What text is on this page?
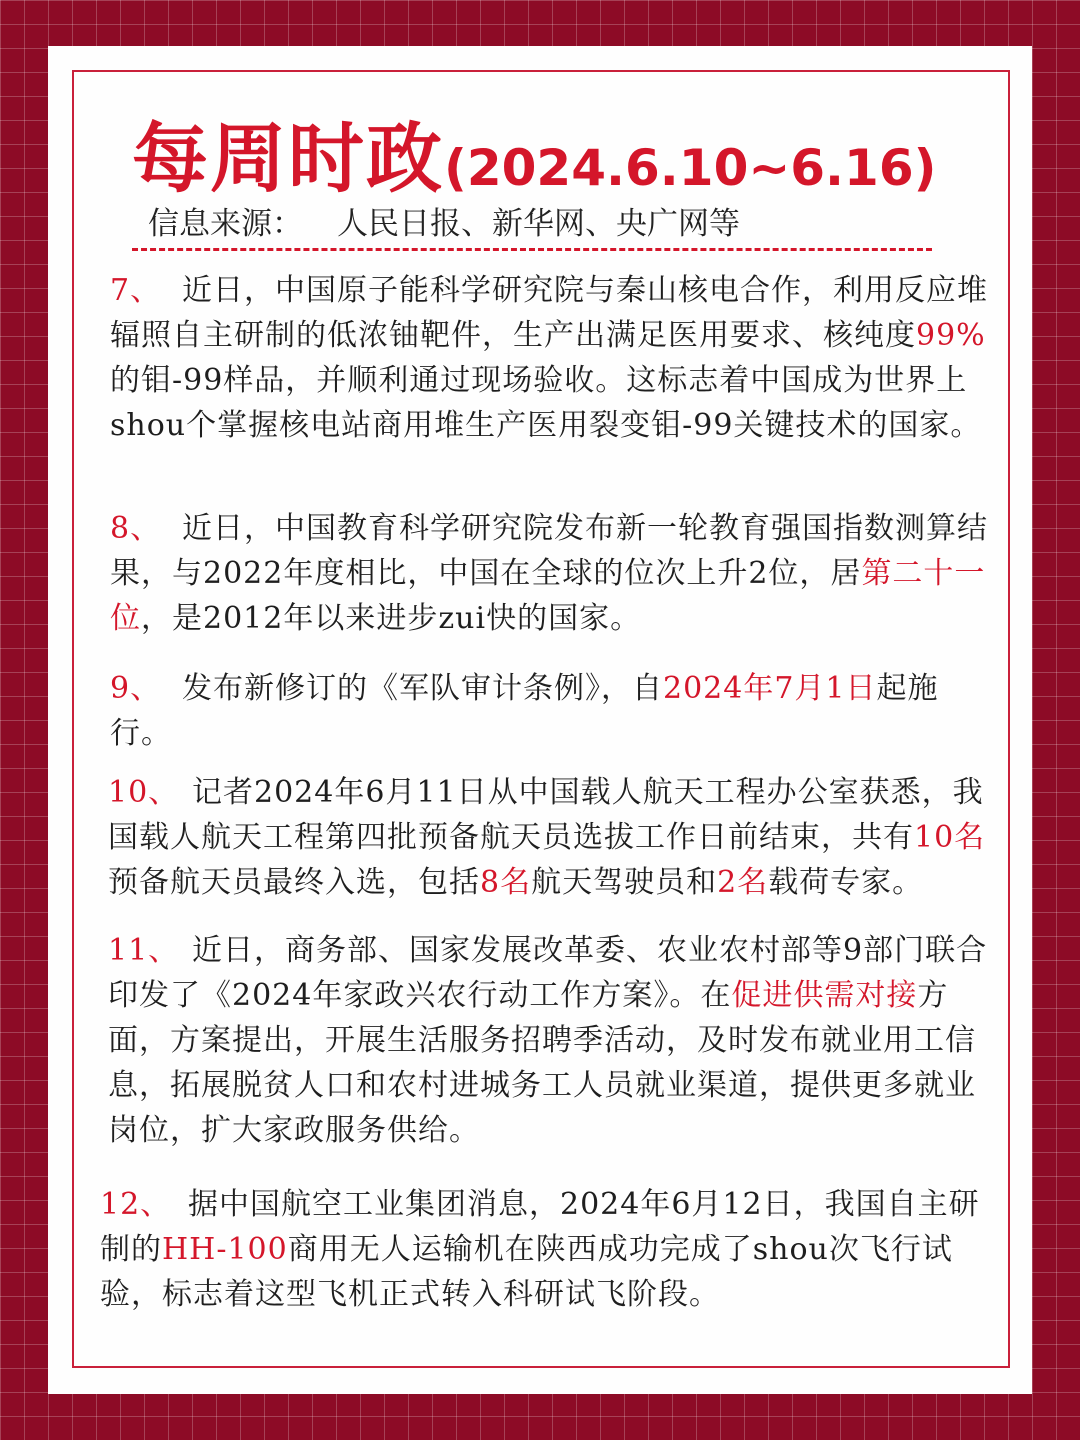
每周时政(2024.6.10~6.16)
信息来源： 人民日报、新华网、央广网等
7、 近日，中国原子能科学研究院与秦山核电合作，利用反应堆辐照自主研制的低浓铀靶件，生产出满足医用要求、核纯度99%的钼-99样品，并顺利通过现场验收。这标志着中国成为世界上shou个掌握核电站商用堆生产医用裂变钼-99关键技术的国家。
8、 近日，中国教育科学研究院发布新一轮教育强国指数测算结果，与2022年度相比，中国在全球的位次上升2位，居第二十一位，是2012年以来进步zui快的国家。
9、 发布新修订的《军队审计条例》，自2024年7月1日起施行。
10、 记者2024年6月11日从中国载人航天工程办公室获悉，我国载人航天工程第四批预备航天员选拔工作日前结束，共有10名预备航天员最终入选，包括8名航天驾驶员和2名载荷专家。
11、 近日，商务部、国家发展改革委、农业农村部等9部门联合印发了《2024年家政兴农行动工作方案》。在促进供需对接方面，方案提出，开展生活服务招聘季活动，及时发布就业用工信息，拓展脱贫人口和农村进城务工人员就业渠道，提供更多就业岗位，扩大家政服务供给。
12、 据中国航空工业集团消息，2024年6月12日，我国自主研制的HH-100商用无人运输机在陕西成功完成了shou次飞行试验，标志着这型飞机正式转入科研试飞阶段。
